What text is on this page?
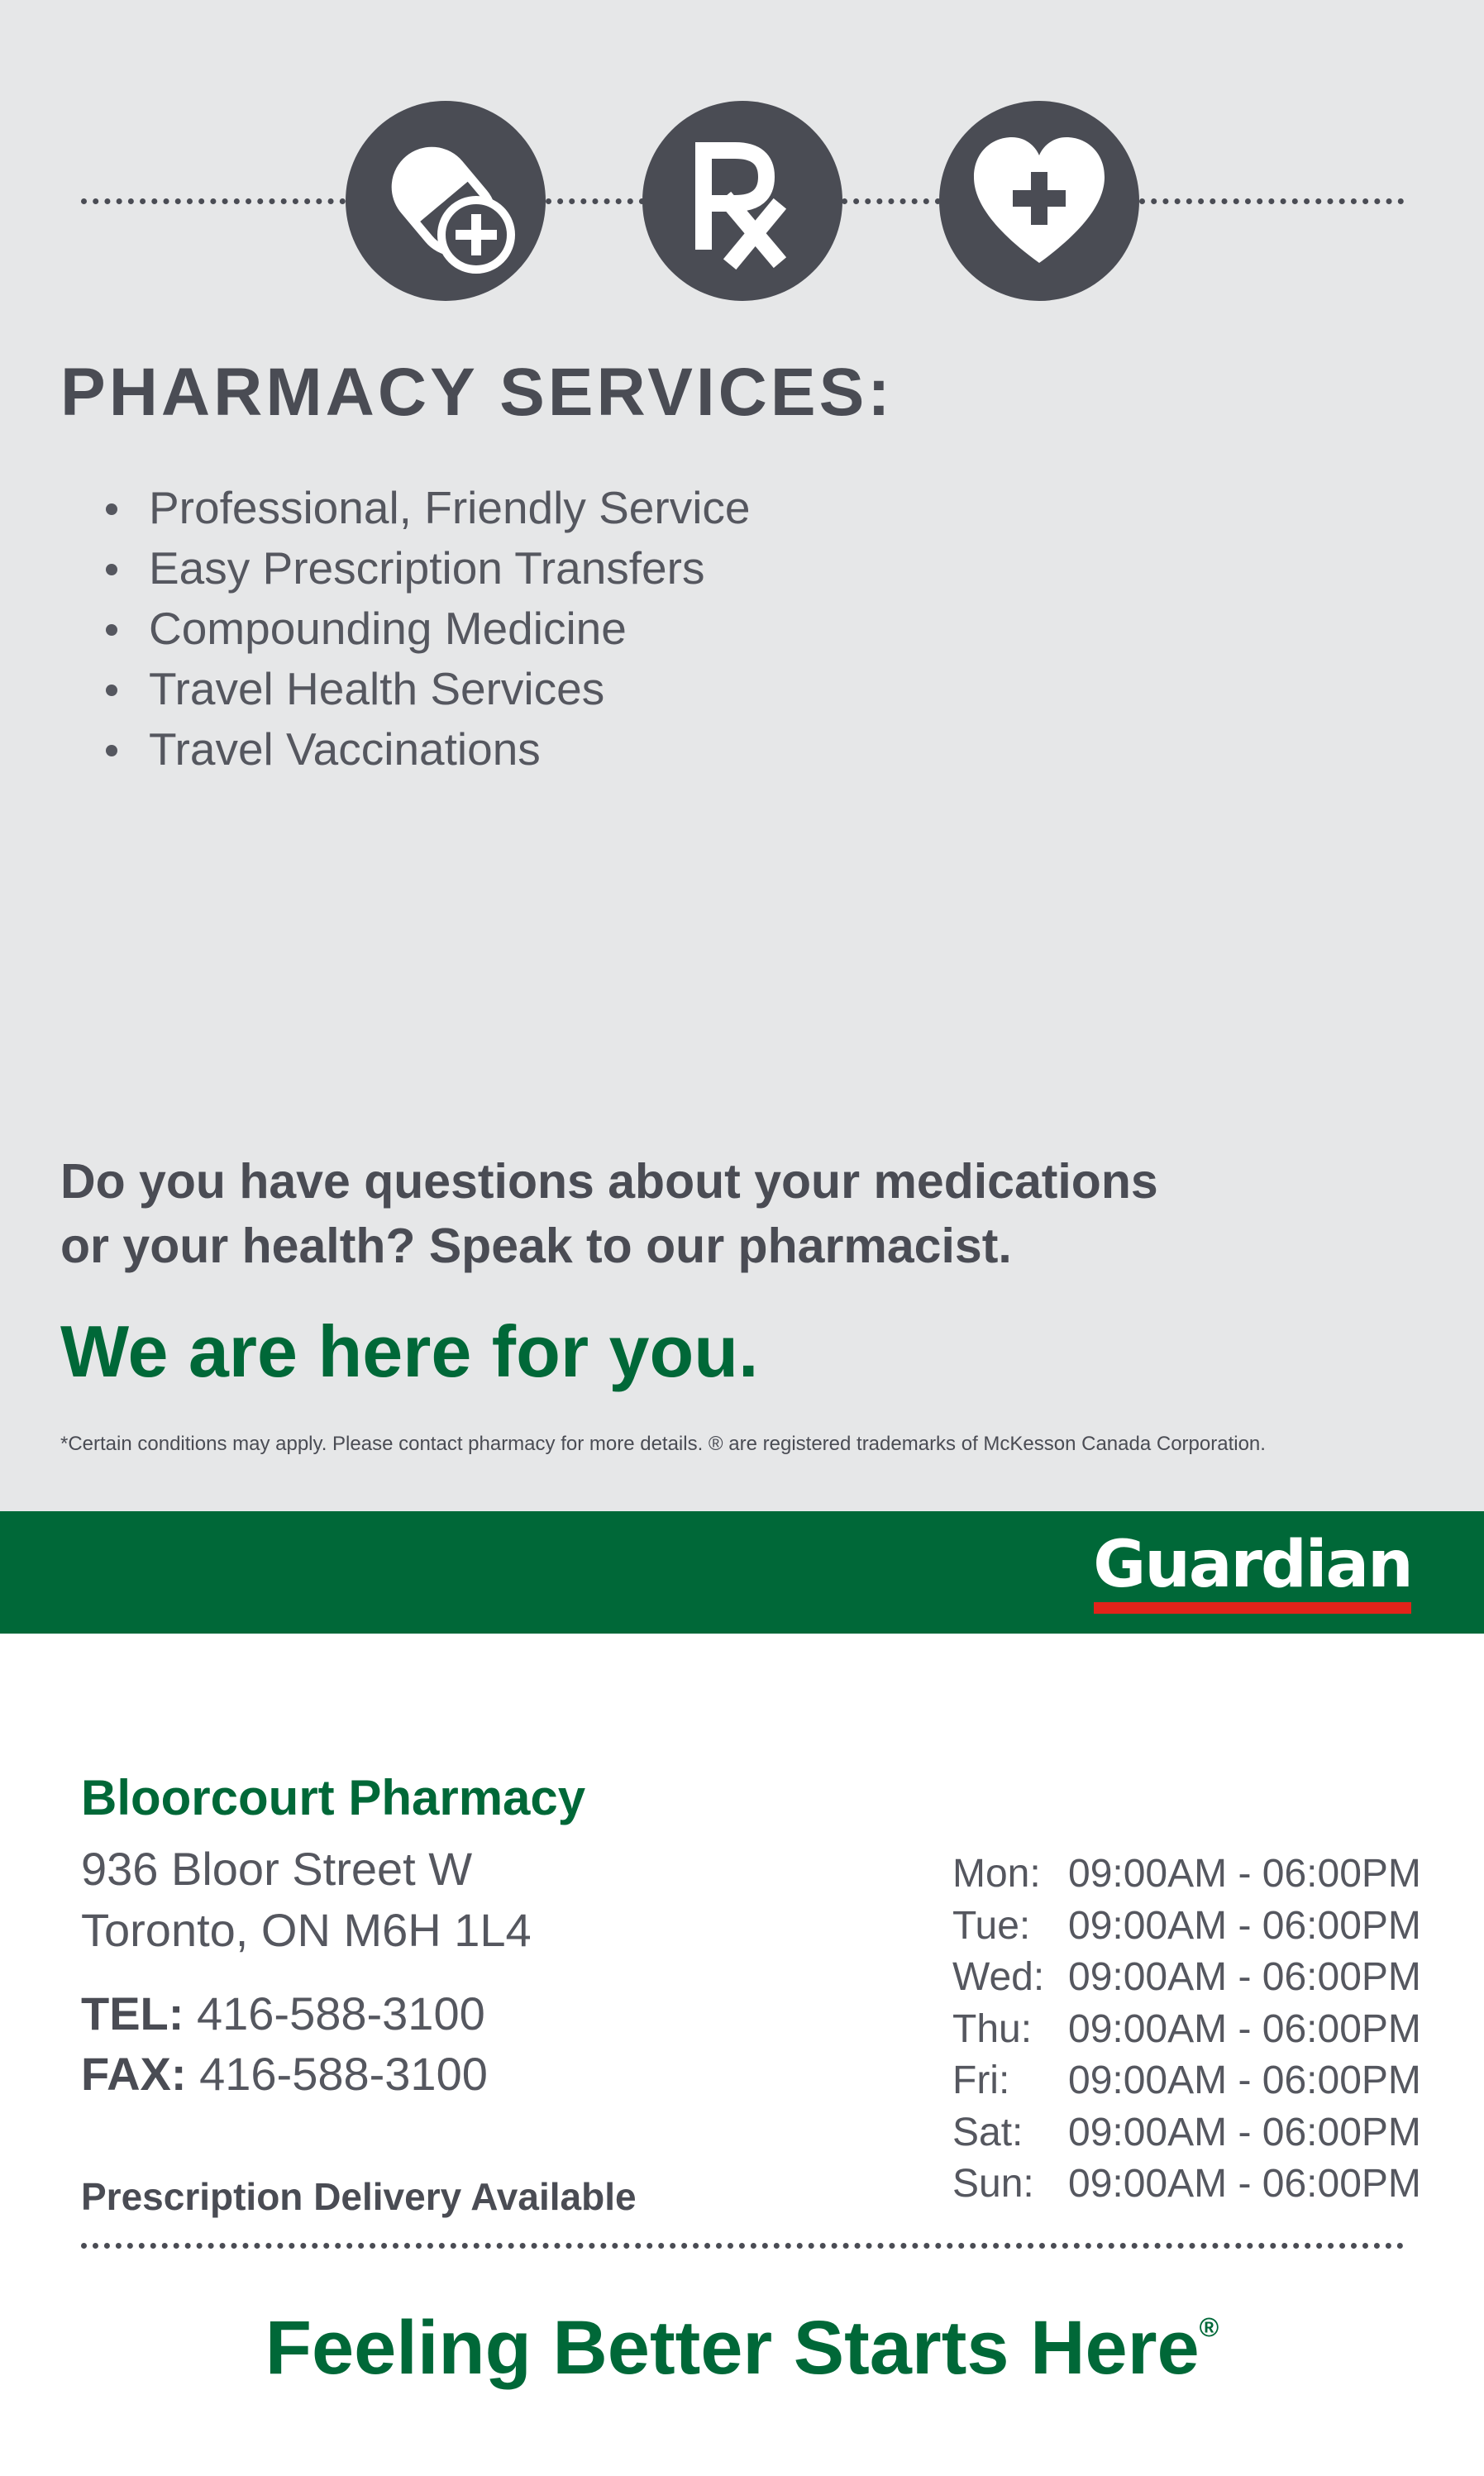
PHARMACY SERVICES:
Professional, Friendly Service
Easy Prescription Transfers
Compounding Medicine
Travel Health Services
Travel Vaccinations

Do you have questions about your medications
or your health? Speak to our pharmacist.

We are here for you.

*Certain conditions may apply. Please contact pharmacy for more details. ® are registered trademarks of McKesson Canada Corporation.

Guardian
Bloorcourt Pharmacy

936 Bloor Street W

Toronto, ON M6H 1L4

TEL: 416-588-3100

FAX: 416-588-3100

Prescription Delivery Available

Mon: 09:00AM - 06:00PM
Tue: 09:00AM - 06:00PM
Wed: 09:00AM - 06:00PM
Thu: 09:00AM - 06:00PM
Fri: 09:00AM - 06:00PM
Sat: 09:00AM - 06:00PM
Sun: 09:00AM - 06:00PM

Feeling Better Starts Here®
